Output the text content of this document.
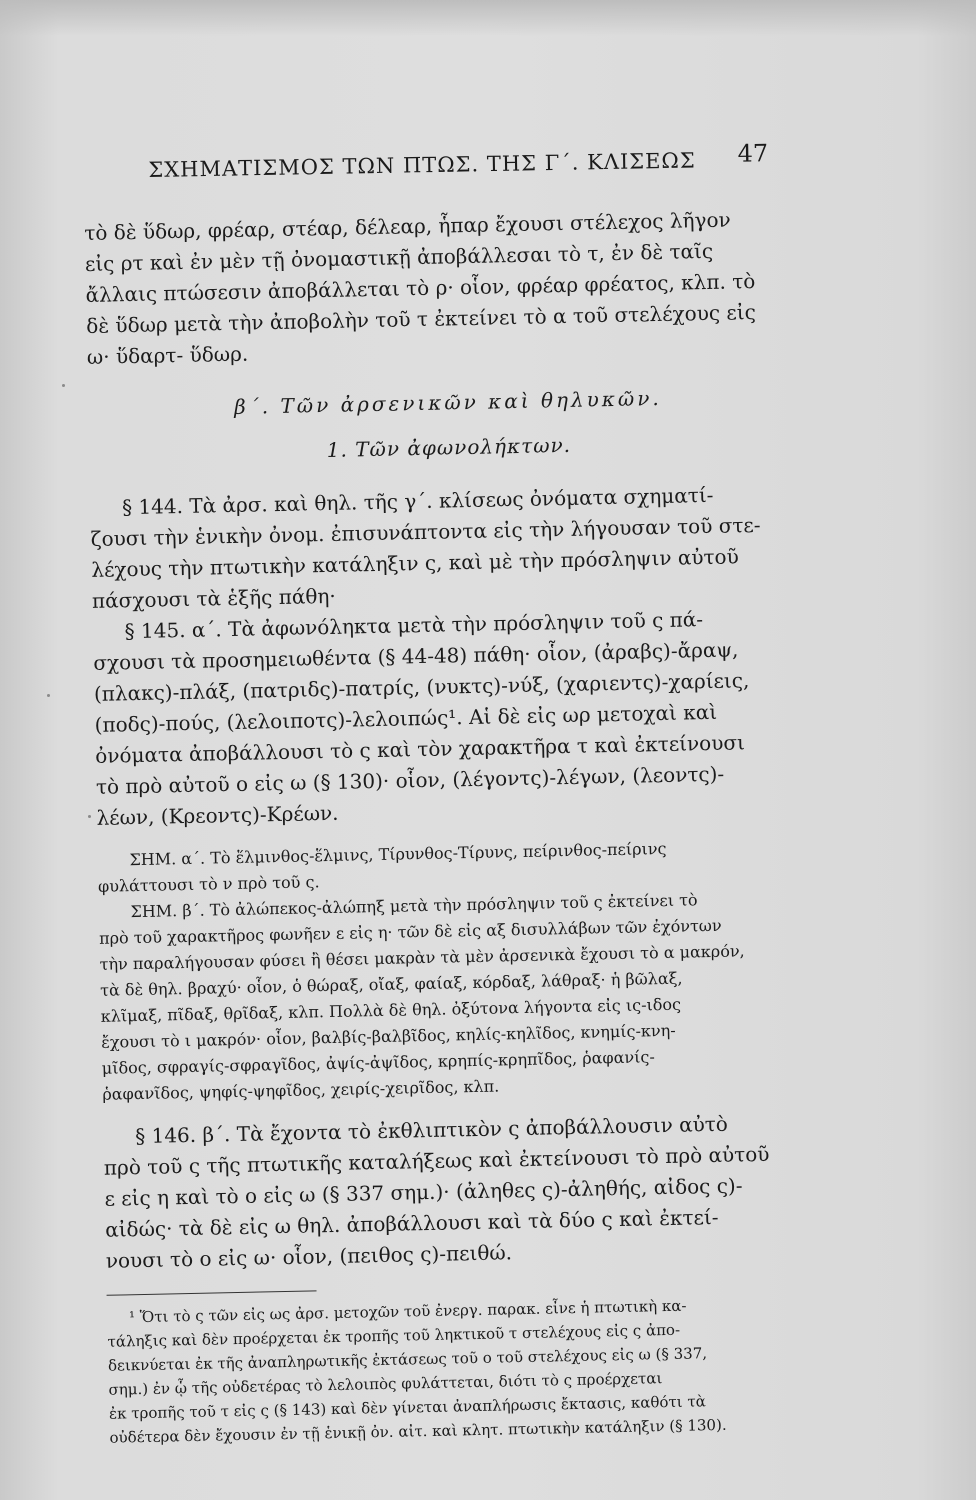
ΣΧΗΜΑΤΙΣΜΟΣ ΤΩΝ ΠΤΩΣ. ΤΗΣ Γ΄. ΚΛΙΣΕΩΣ 47
τὸ δὲ ὕδωρ, φρέαρ, στέαρ, δέλεαρ, ἧπαρ ἔχουσι στέλεχος λῆγον
εἰς ρτ καὶ ἐν μὲν τῇ ὀνομαστικῇ ἀποβάλλεσαι τὸ τ, ἐν δὲ ταῖς
ἄλλαις πτώσεσιν ἀποβάλλεται τὸ ρ· οἷον, φρέαρ φρέατος, κλπ. τὸ
δὲ ὕδωρ μετὰ τὴν ἀποβολὴν τοῦ τ ἐκτείνει τὸ α τοῦ στελέχους εἰς
ω· ὕδαρτ- ὕδωρ.
β΄. Τῶν ἀρσενικῶν καὶ θηλυκῶν.
1. Τῶν ἀφωνολήκτων.
§ 144. Τὰ ἀρσ. καὶ θηλ. τῆς γ΄. κλίσεως ὀνόματα σχηματί-
ζουσι τὴν ἑνικὴν ὀνομ. ἐπισυνάπτοντα εἰς τὴν λήγουσαν τοῦ στε-
λέχους τὴν πτωτικὴν κατάληξιν ς, καὶ μὲ τὴν πρόσληψιν αὐτοῦ
πάσχουσι τὰ ἑξῆς πάθη·
§ 145. α΄. Τὰ ἀφωνόληκτα μετὰ τὴν πρόσληψιν τοῦ ς πά-
σχουσι τὰ προσημειωθέντα (§ 44-48) πάθη· οἷον, (ἀραβς)-ἄραψ,
(πλακς)-πλάξ, (πατριδς)-πατρίς, (νυκτς)-νύξ, (χαριεντς)-χαρίεις,
(ποδς)-πούς, (λελοιποτς)-λελοιπώς¹. Αἱ δὲ εἰς ωρ μετοχαὶ καὶ
ὀνόματα ἀποβάλλουσι τὸ ς καὶ τὸν χαρακτῆρα τ καὶ ἐκτείνουσι
τὸ πρὸ αὐτοῦ ο εἰς ω (§ 130)· οἷον, (λέγοντς)-λέγων, (λεοντς)-
λέων, (Κρεοντς)-Κρέων.
ΣΗΜ. α΄. Τὸ ἕλμινθος-ἕλμινς, Τίρυνθος-Τίρυνς, πείρινθος-πείρινς
φυλάττουσι τὸ ν πρὸ τοῦ ς.
ΣΗΜ. β΄. Τὸ ἀλώπεκος-ἀλώπηξ μετὰ τὴν πρόσληψιν τοῦ ς ἐκτείνει τὸ
πρὸ τοῦ χαρακτῆρος φωνῆεν ε εἰς η· τῶν δὲ εἰς αξ δισυλλάβων τῶν ἐχόντων
τὴν παραλήγουσαν φύσει ἢ θέσει μακρὰν τὰ μὲν ἀρσενικὰ ἔχουσι τὸ α μακρόν,
τὰ δὲ θηλ. βραχύ· οἷον, ὁ θώραξ, οἴαξ, φαίαξ, κόρδαξ, λάθραξ· ἡ βῶλαξ,
κλῖμαξ, πῖδαξ, θρῖδαξ, κλπ. Πολλὰ δὲ θηλ. ὀξύτονα λήγοντα εἰς ις-ιδος
ἔχουσι τὸ ι μακρόν· οἷον, βαλβίς-βαλβῖδος, κηλίς-κηλῖδος, κνημίς-κνη-
μῖδος, σφραγίς-σφραγῖδος, ἀψίς-ἀψῖδος, κρηπίς-κρηπῖδος, ῥαφανίς-
ῥαφανῖδος, ψηφίς-ψηφῖδος, χειρίς-χειρῖδος, κλπ.
§ 146. β΄. Τὰ ἔχοντα τὸ ἐκθλιπτικὸν ς ἀποβάλλουσιν αὐτὸ
πρὸ τοῦ ς τῆς πτωτικῆς καταλήξεως καὶ ἐκτείνουσι τὸ πρὸ αὐτοῦ
ε εἰς η καὶ τὸ ο εἰς ω (§ 337 σημ.)· (ἀληθες ς)-ἀληθής, αἰδος ς)-
αἰδώς· τὰ δὲ εἰς ω θηλ. ἀποβάλλουσι καὶ τὰ δύο ς καὶ ἐκτεί-
νουσι τὸ ο εἰς ω· οἷον, (πειθος ς)-πειθώ.
¹ Ὅτι τὸ ς τῶν εἰς ως ἀρσ. μετοχῶν τοῦ ἐνεργ. παρακ. εἶνε ἡ πτωτικὴ κα-
τάληξις καὶ δὲν προέρχεται ἐκ τροπῆς τοῦ ληκτικοῦ τ στελέχους εἰς ς ἀπο-
δεικνύεται ἐκ τῆς ἀναπληρωτικῆς ἐκτάσεως τοῦ ο τοῦ στελέχους εἰς ω (§ 337,
σημ.) ἐν ᾧ τῆς οὐδετέρας τὸ λελοιπὸς φυλάττεται, διότι τὸ ς προέρχεται
ἐκ τροπῆς τοῦ τ εἰς ς (§ 143) καὶ δὲν γίνεται ἀναπλήρωσις ἔκτασις, καθότι τὰ
οὐδέτερα δὲν ἔχουσιν ἐν τῇ ἑνικῇ ὀν. αἰτ. καὶ κλητ. πτωτικὴν κατάληξιν (§ 130).
